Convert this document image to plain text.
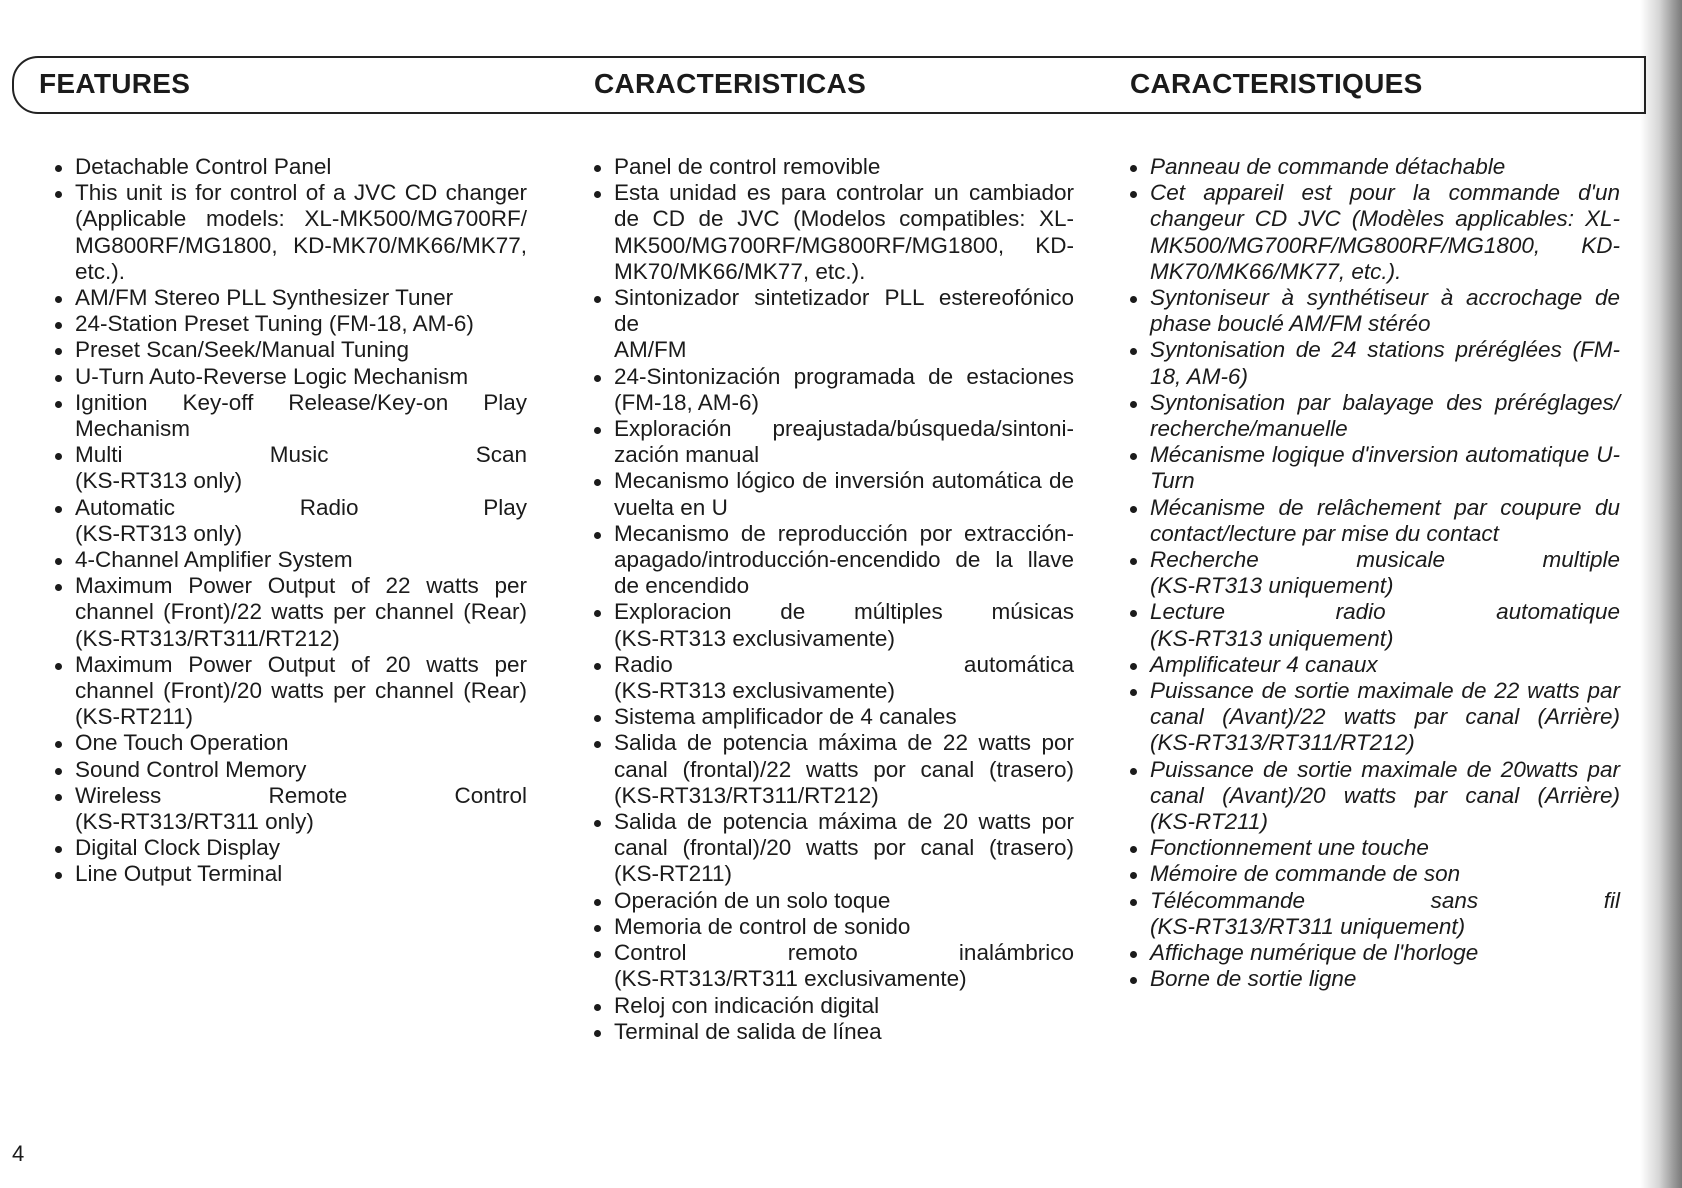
FEATURES	CARACTERISTICAS	CARACTERISTIQUES
Detachable Control Panel
This unit is for control of a JVC CD changer
(Applicable models: XL-MK500/MG700RF/
MG800RF/MG1800, KD-MK70/MK66/MK77,
etc.).
AM/FM Stereo PLL Synthesizer Tuner
24-Station Preset Tuning (FM-18, AM-6)
Preset Scan/Seek/Manual Tuning
U-Turn Auto-Reverse Logic Mechanism
Ignition Key-off Release/Key-on Play
Mechanism
Multi Music Scan
(KS-RT313 only)
Automatic Radio Play
(KS-RT313 only)
4-Channel Amplifier System
Maximum Power Output of 22 watts per
channel (Front)/22 watts per channel (Rear)
(KS-RT313/RT311/RT212)
Maximum Power Output of 20 watts per
channel (Front)/20 watts per channel (Rear)
(KS-RT211)
One Touch Operation
Sound Control Memory
Wireless Remote Control
(KS-RT313/RT311 only)
Digital Clock Display
Line Output Terminal
Panel de control removible
Esta unidad es para controlar un cambiador
de CD de JVC (Modelos compatibles: XL-
MK500/MG700RF/MG800RF/MG1800, KD-
MK70/MK66/MK77, etc.).
Sintonizador sintetizador PLL estereofónico de
AM/FM
24-Sintonización programada de estaciones
(FM-18, AM-6)
Exploración preajustada/búsqueda/sintoni-
zación manual
Mecanismo lógico de inversión automática de
vuelta en U
Mecanismo de reproducción por extracción-
apagado/introducción-encendido de la llave
de encendido
Exploracion de múltiples músicas
(KS-RT313 exclusivamente)
Radio automática
(KS-RT313 exclusivamente)
Sistema amplificador de 4 canales
Salida de potencia máxima de 22 watts por
canal (frontal)/22 watts por canal (trasero)
(KS-RT313/RT311/RT212)
Salida de potencia máxima de 20 watts por
canal (frontal)/20 watts por canal (trasero)
(KS-RT211)
Operación de un solo toque
Memoria de control de sonido
Control remoto inalámbrico
(KS-RT313/RT311 exclusivamente)
Reloj con indicación digital
Terminal de salida de línea
Panneau de commande détachable
Cet appareil est pour la commande d'un
changeur CD JVC (Modèles applicables: XL-
MK500/MG700RF/MG800RF/MG1800, KD-
MK70/MK66/MK77, etc.).
Syntoniseur à synthétiseur à accrochage de
phase bouclé AM/FM stéréo
Syntonisation de 24 stations préréglées (FM-
18, AM-6)
Syntonisation par balayage des préréglages/
recherche/manuelle
Mécanisme logique d'inversion automatique U-
Turn
Mécanisme de relâchement par coupure du
contact/lecture par mise du contact
Recherche musicale multiple
(KS-RT313 uniquement)
Lecture radio automatique
(KS-RT313 uniquement)
Amplificateur 4 canaux
Puissance de sortie maximale de 22 watts par
canal (Avant)/22 watts par canal (Arrière)
(KS-RT313/RT311/RT212)
Puissance de sortie maximale de 20watts par
canal (Avant)/20 watts par canal (Arrière)
(KS-RT211)
Fonctionnement une touche
Mémoire de commande de son
Télécommande sans fil
(KS-RT313/RT311 uniquement)
Affichage numérique de l'horloge
Borne de sortie ligne

4
